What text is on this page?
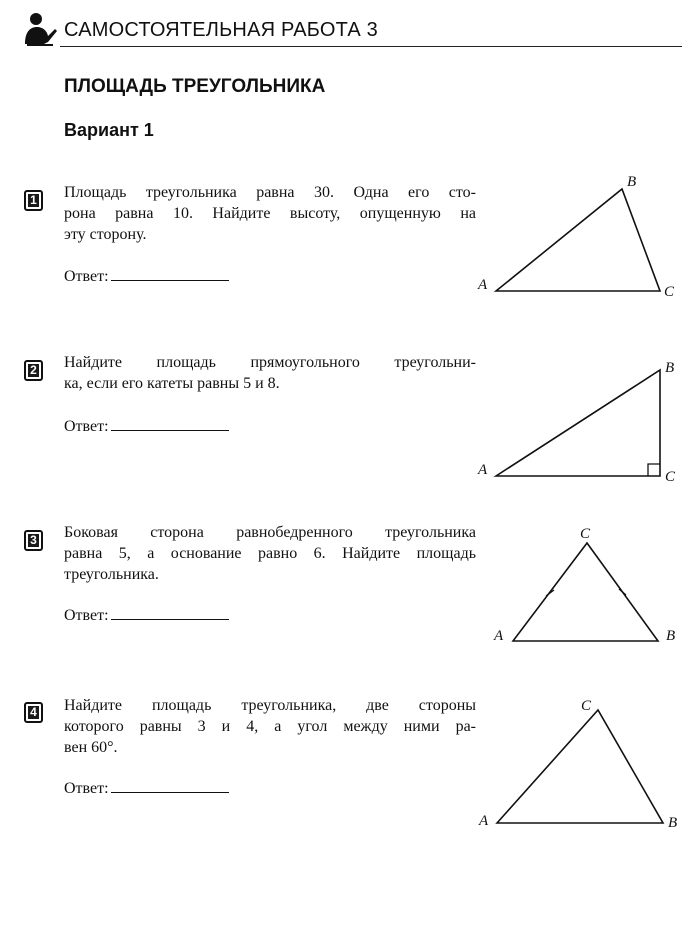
САМОСТОЯТЕЛЬНАЯ РАБОТА 3
ПЛОЩАДЬ ТРЕУГОЛЬНИКА
Вариант 1
1 Площадь треугольника равна 30. Одна его сто-
рона равна 10. Найдите высоту, опущенную на
эту сторону.
Ответ:
2 Найдите площадь прямоугольного треугольни-
ка, если его катеты равны 5 и 8.
Ответ:
3 Боковая сторона равнобедренного треугольника
равна 5, а основание равно 6. Найдите площадь
треугольника.
Ответ:
4 Найдите площадь треугольника, две стороны
которого равны 3 и 4, а угол между ними ра-
вен 60°.
Ответ:
A
B
C
A
B
C
A
C
B
A
C
B
